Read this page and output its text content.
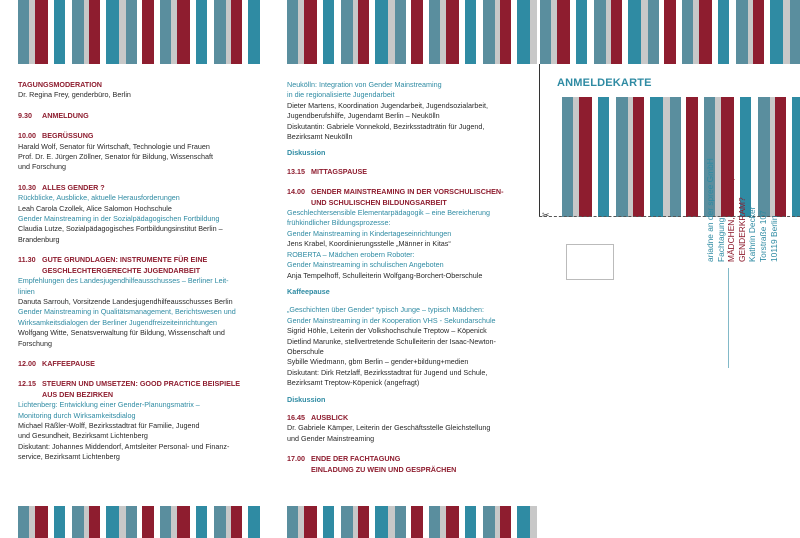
✂
ANMELDEKARTE
ariadne an der spree GmbH Fachtagung MÄDCHEN, JUNGEN, GENDERKRAM? Kathrin Decker Torstraße 107 10119 Berlin
TAGUNGSMODERATION
Dr. Regina Frey, genderbüro, Berlin
9.30 ANMELDUNG
10.00 BEGRÜSSUNG
Harald Wolf, Senator für Wirtschaft, Technologie und Frauen
Prof. Dr. E. Jürgen Zöllner, Senator für Bildung, Wissenschaft
und Forschung
10.30 ALLES GENDER ?
Rückblicke, Ausblicke, aktuelle Herausforderungen
Leah Carola Czollek, Alice Salomon Hochschule
Gender Mainstreaming in der Sozialpädagogischen Fortbildung
Claudia Lutze, Sozialpädagogisches Fortbildungsinstitut Berlin –
Brandenburg
11.30 GUTE GRUNDLAGEN: INSTRUMENTE FÜR EINE
GESCHLECHTERGERECHTE JUGENDARBEIT
Empfehlungen des Landesjugendhilfeausschusses – Berliner Leit-
linien
Danuta Sarrouh, Vorsitzende Landesjugendhilfeausschusses Berlin
Gender Mainstreaming in Qualitätsmanagement, Berichtswesen und
Wirksamkeitsdialogen der Berliner Jugendfreizeiteinrichtungen
Wolfgang Witte, Senatsverwaltung für Bildung, Wissenschaft und
Forschung
12.00 KAFFEEPAUSE
12.15 STEUERN UND UMSETZEN: GOOD PRACTICE BEISPIELE
AUS DEN BEZIRKEN
Lichtenberg: Entwicklung einer Gender-Planungsmatrix –
Monitoring durch Wirksamkeitsdialog
Michael Räßler-Wolff, Bezirksstadtrat für Familie, Jugend
und Gesundheit, Bezirksamt Lichtenberg
Diskutant: Johannes Middendorf, Amtsleiter Personal- und Finanz-
service, Bezirksamt Lichtenberg
Neukölln: Integration von Gender Mainstreaming
in die regionalisierte Jugendarbeit
Dieter Martens, Koordination Jugendarbeit, Jugendsozialarbeit,
Jugendberufshilfe, Jugendamt Berlin – Neukölln
Diskutantin: Gabriele Vonnekold, Bezirksstadträtin für Jugend,
Bezirksamt Neukölln
Diskussion
13.15 MITTAGSPAUSE
14.00 GENDER MAINSTREAMING IN DER VORSCHULISCHEN-
UND SCHULISCHEN BILDUNGSARBEIT
Geschlechtersensible Elementarpädagogik – eine Bereicherung
frühkindlicher Bildungsprozesse:
Gender Mainstreaming in Kindertageseinrichtungen
Jens Krabel, Koordinierungsstelle „Männer in Kitas“
ROBERTA – Mädchen erobern Roboter:
Gender Mainstreaming in schulischen Angeboten
Anja Tempelhoff, Schulleiterin Wolfgang-Borchert-Oberschule
Kaffeepause
„Geschichten über Gender“ typisch Junge – typisch Mädchen:
Gender Mainstreaming in der Kooperation VHS - Sekundarschule
Sigrid Höhle, Leiterin der Volkshochschule Treptow – Köpenick
Dietlind Marunke, stellvertretende Schulleiterin der Isaac-Newton-
Oberschule
Sybille Wiedmann, gbm Berlin – gender+bildung+medien
Diskutant: Dirk Retzlaff, Bezirksstadtrat für Jugend und Schule,
Bezirksamt Treptow-Köpenick (angefragt)
Diskussion
16.45 AUSBLICK
Dr. Gabriele Kämper, Leiterin der Geschäftsstelle Gleichstellung
und Gender Mainstreaming
17.00 ENDE DER FACHTAGUNG
EINLADUNG ZU WEIN UND GESPRÄCHEN
